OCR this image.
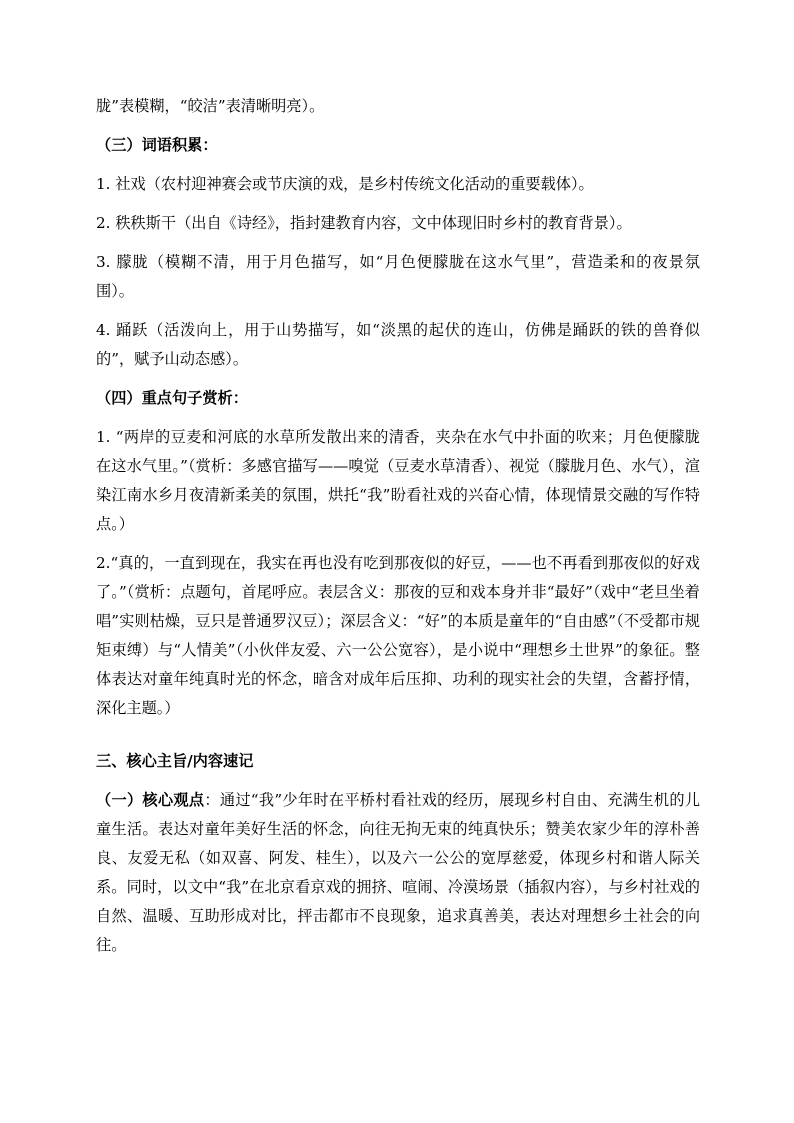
胧”表模糊，“皎洁”表清晰明亮）。

（三）词语积累：

1. 社戏（农村迎神赛会或节庆演的戏，是乡村传统文化活动的重要载体）。

2. 秩秩斯干（出自《诗经》，指封建教育内容，文中体现旧时乡村的教育背景）。

3. 朦胧（模糊不清，用于月色描写，如“月色便朦胧在这水气里”，营造柔和的夜景氛围）。

4. 踊跃（活泼向上，用于山势描写，如“淡黑的起伏的连山，仿佛是踊跃的铁的兽脊似的”，赋予山动态感）。

（四）重点句子赏析：

1. “两岸的豆麦和河底的水草所发散出来的清香，夹杂在水气中扑面的吹来；月色便朦胧在这水气里。”（赏析：多感官描写——嗅觉（豆麦水草清香）、视觉（朦胧月色、水气），渲染江南水乡月夜清新柔美的氛围，烘托“我”盼看社戏的兴奋心情，体现情景交融的写作特点。）

2.“真的，一直到现在，我实在再也没有吃到那夜似的好豆，——也不再看到那夜似的好戏了。”（赏析：点题句，首尾呼应。表层含义：那夜的豆和戏本身并非“最好”（戏中“老旦坐着唱”实则枯燥，豆只是普通罗汉豆）；深层含义：“好”的本质是童年的“自由感”（不受都市规矩束缚）与“人情美”（小伙伴友爱、六一公公宽容），是小说中“理想乡土世界”的象征。整体表达对童年纯真时光的怀念，暗含对成年后压抑、功利的现实社会的失望，含蓄抒情，深化主题。）

三、核心主旨/内容速记

（一）核心观点：通过“我”少年时在平桥村看社戏的经历，展现乡村自由、充满生机的儿童生活。表达对童年美好生活的怀念，向往无拘无束的纯真快乐；赞美农家少年的淳朴善良、友爱无私（如双喜、阿发、桂生），以及六一公公的宽厚慈爱，体现乡村和谐人际关系。同时，以文中“我”在北京看京戏的拥挤、喧闹、冷漠场景（插叙内容），与乡村社戏的自然、温暖、互助形成对比，抨击都市不良现象，追求真善美，表达对理想乡土社会的向往。
